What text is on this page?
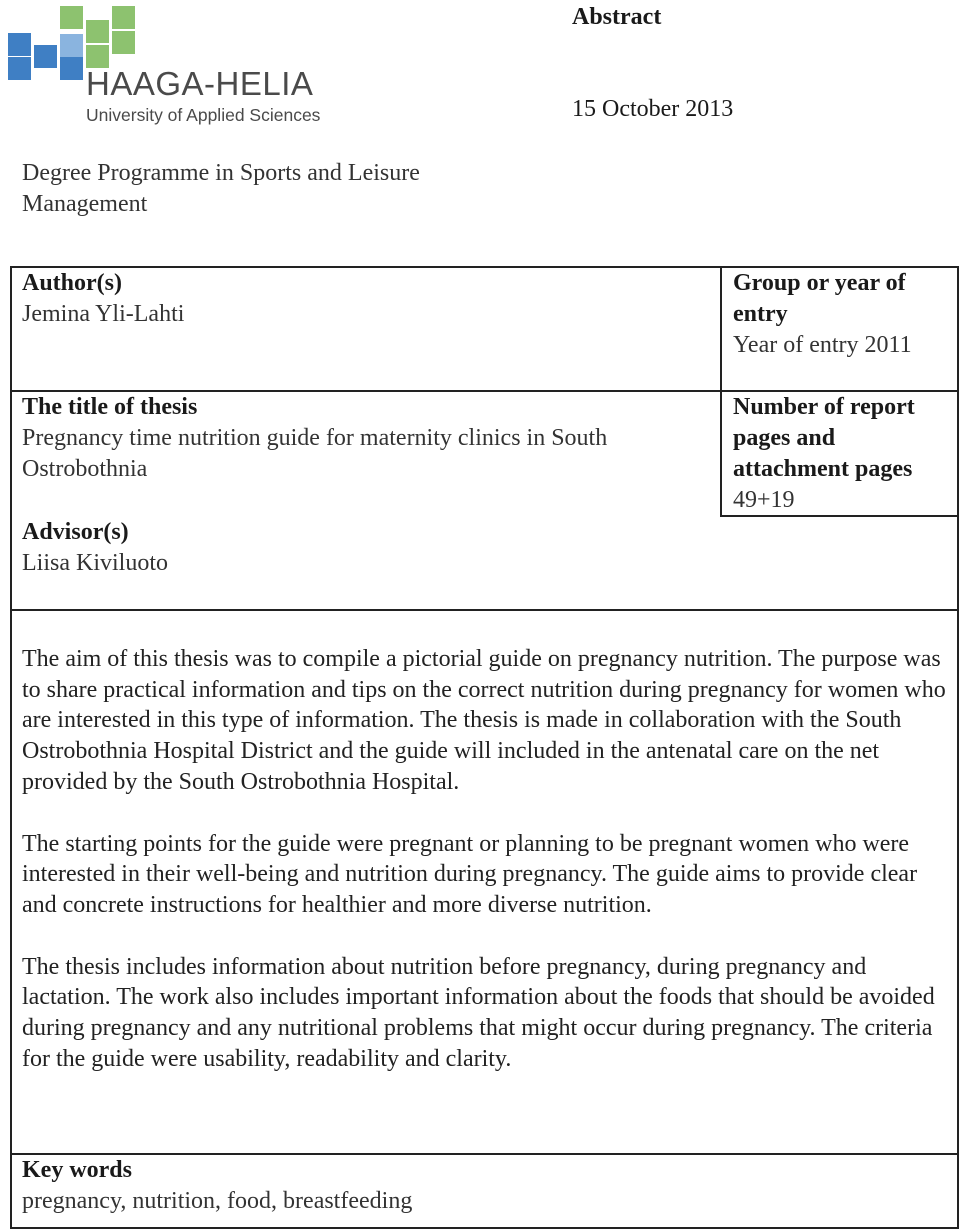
HAAGA-HELIA
University of Applied Sciences
Abstract
15 October 2013
Degree Programme in Sports and Leisure Management
Author(s)
Jemina Yli-Lahti
Group or year of entry
Year of entry 2011
The title of thesis
Pregnancy time nutrition guide for maternity clinics in South Ostrobothnia
Number of report pages and attachment pages
49+19
Advisor(s)
Liisa Kiviluoto

The aim of this thesis was to compile a pictorial guide on pregnancy nutrition. The purpose was to share practical information and tips on the correct nutrition during pregnancy for women who are interested in this type of information. The thesis is made in collaboration with the South Ostrobothnia Hospital District and the guide will included in the antenatal care on the net provided by the South Ostrobothnia Hospital.

The starting points for the guide were pregnant or planning to be pregnant women who were interested in their well-being and nutrition during pregnancy. The guide aims to provide clear and concrete instructions for healthier and more diverse nutrition.

The thesis includes information about nutrition before pregnancy, during pregnancy and lactation. The work also includes important information about the foods that should be avoided during pregnancy and any nutritional problems that might occur during pregnancy. The criteria for the guide were usability, readability and clarity.

Key words
pregnancy, nutrition, food, breastfeeding
